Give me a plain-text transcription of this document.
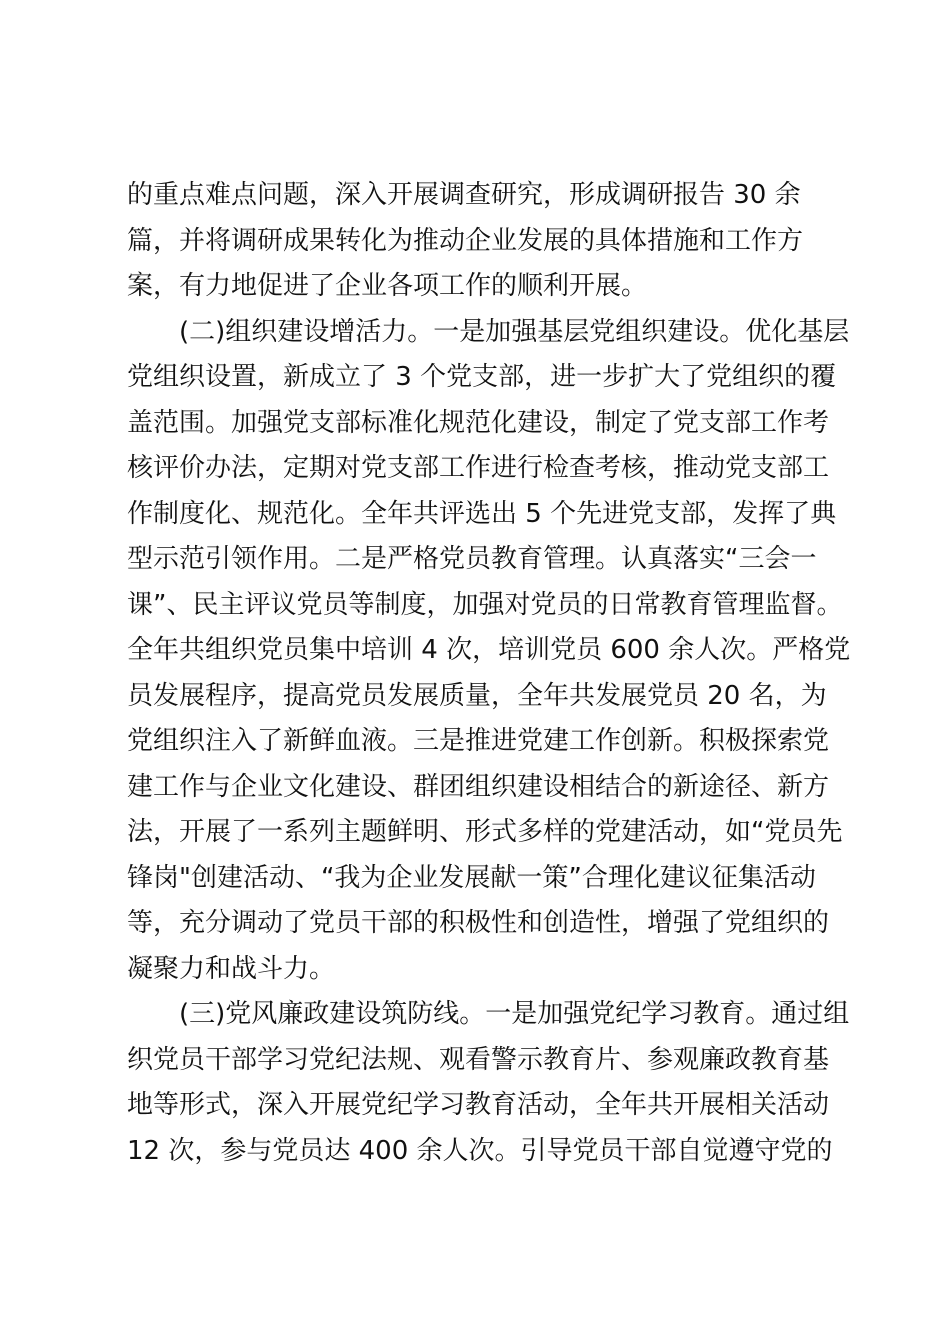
的重点难点问题，深入开展调查研究，形成调研报告 30 余
篇，并将调研成果转化为推动企业发展的具体措施和工作方
案，有力地促进了企业各项工作的顺利开展。
(二)组织建设增活力。一是加强基层党组织建设。优化基层
党组织设置，新成立了 3 个党支部，进一步扩大了党组织的覆
盖范围。加强党支部标准化规范化建设，制定了党支部工作考
核评价办法，定期对党支部工作进行检查考核，推动党支部工
作制度化、规范化。全年共评选出 5 个先进党支部，发挥了典
型示范引领作用。二是严格党员教育管理。认真落实“三会一
课”、民主评议党员等制度，加强对党员的日常教育管理监督。
全年共组织党员集中培训 4 次，培训党员 600 余人次。严格党
员发展程序，提高党员发展质量，全年共发展党员 20 名，为
党组织注入了新鲜血液。三是推进党建工作创新。积极探索党
建工作与企业文化建设、群团组织建设相结合的新途径、新方
法，开展了一系列主题鲜明、形式多样的党建活动，如“党员先
锋岗"创建活动、“我为企业发展献一策”合理化建议征集活动
等，充分调动了党员干部的积极性和创造性，增强了党组织的
凝聚力和战斗力。
(三)党风廉政建设筑防线。一是加强党纪学习教育。通过组
织党员干部学习党纪法规、观看警示教育片、参观廉政教育基
地等形式，深入开展党纪学习教育活动，全年共开展相关活动
12 次，参与党员达 400 余人次。引导党员干部自觉遵守党的
